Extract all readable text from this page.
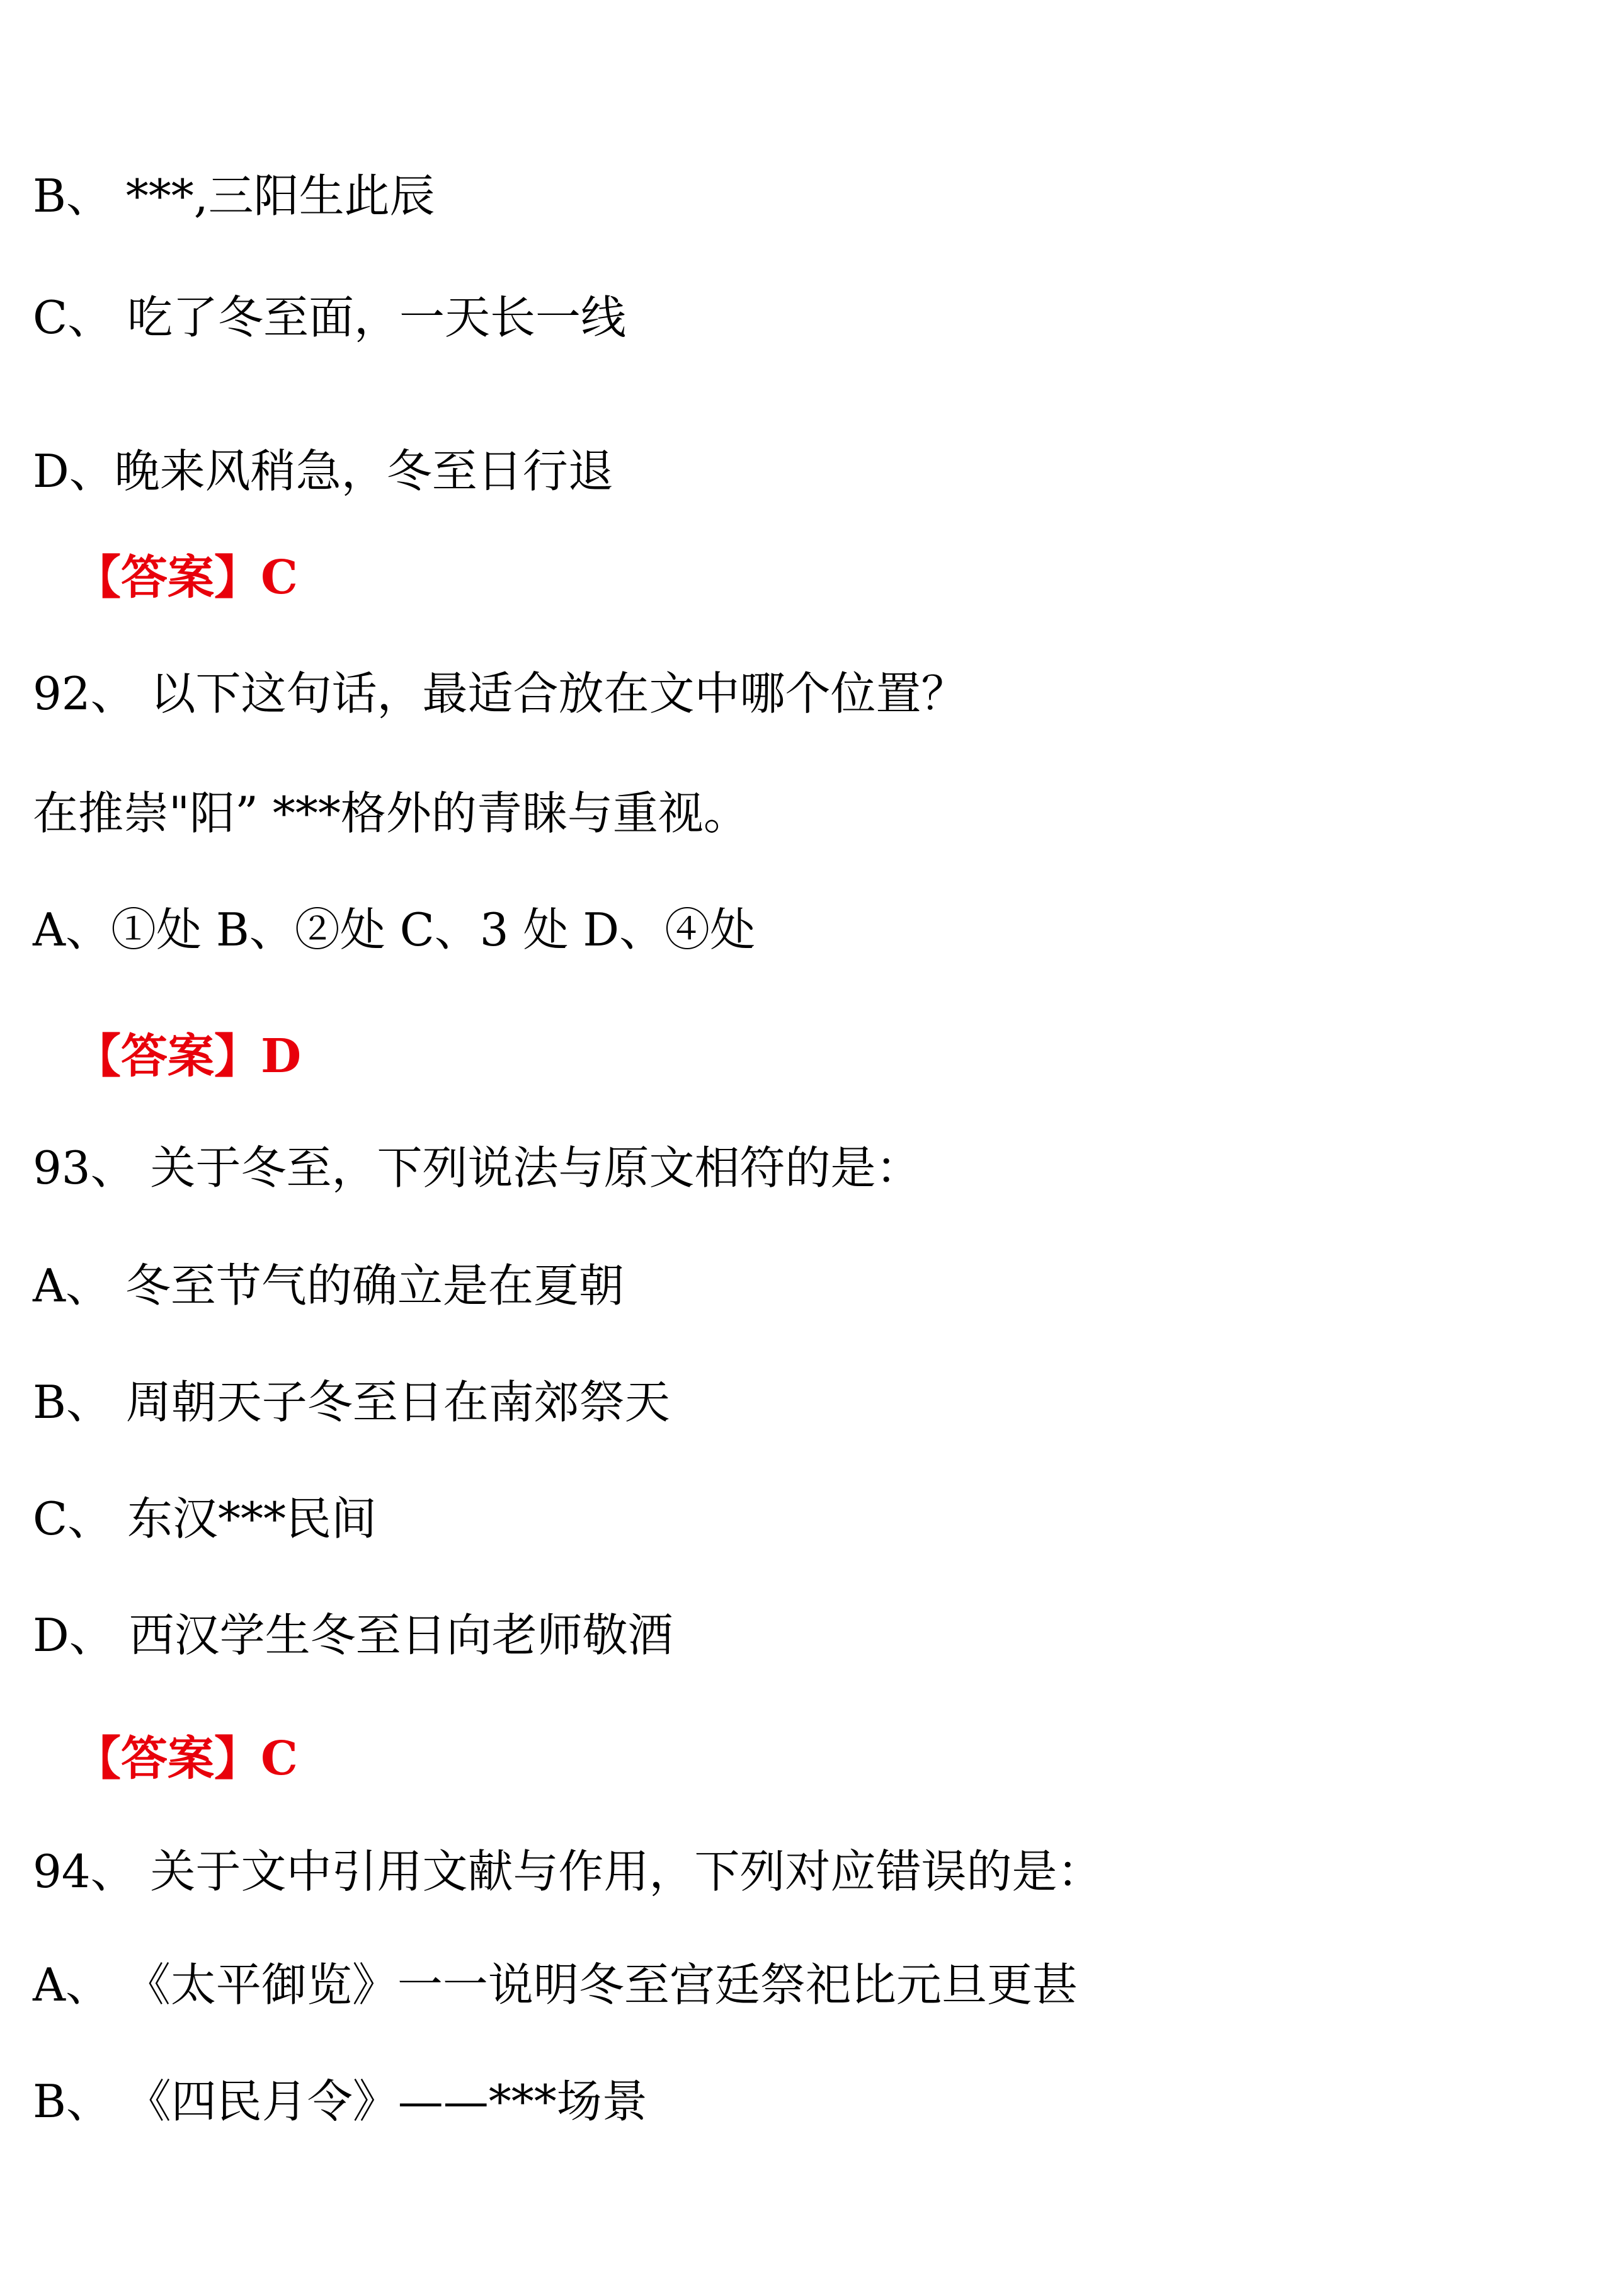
B、 ***,三阳生此辰

C、 吃了冬至面，一天长一线

D、晚来风稍急，冬至日行退

【答案】C

92、 以下这句话，最适合放在文中哪个位置？

在推崇"阳” ***格外的青睐与重视。

A、①处 B、②处 C、3 处 D、④处

【答案】D

93、 关于冬至，下列说法与原文相符的是：

A、 冬至节气的确立是在夏朝

B、 周朝天子冬至日在南郊祭天

C、 东汉***民间

D、 西汉学生冬至日向老师敬酒

【答案】C

94、 关于文中引用文献与作用，下列对应错误的是：

A、 《太平御览》一一说明冬至宫廷祭祀比元旦更甚

B、 《四民月令》——***场景
